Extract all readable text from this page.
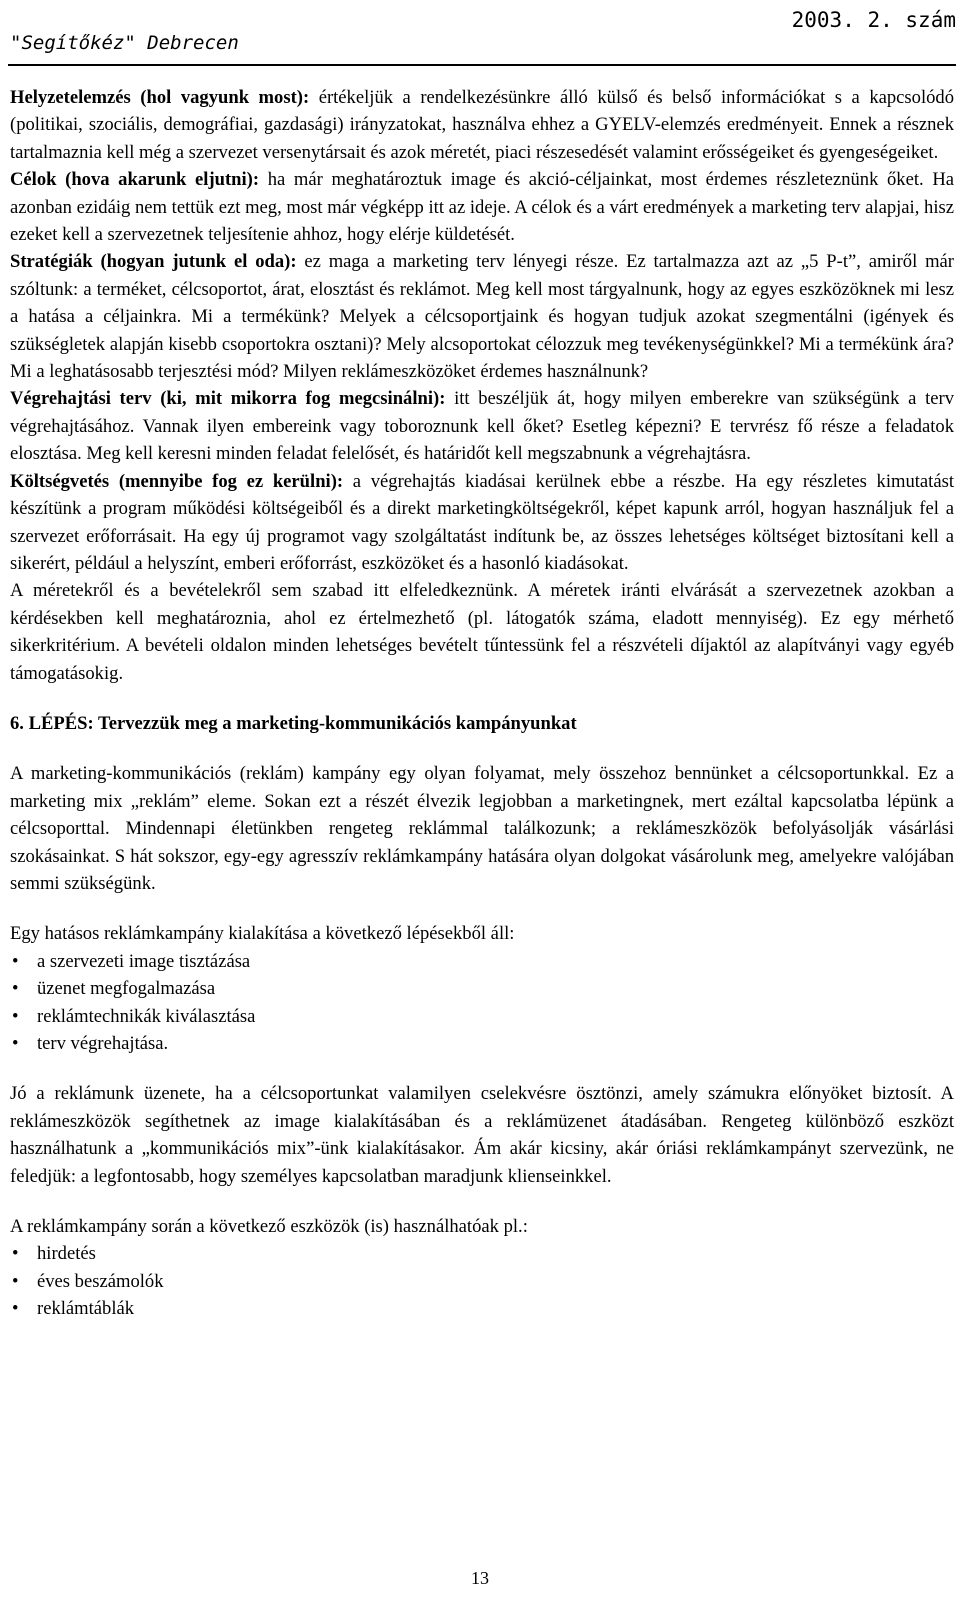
"Segítőkéz" Debrecen
2003. 2. szám

Helyzetelemzés (hol vagyunk most): értékeljük a rendelkezésünkre álló külső és belső információkat s a kapcsolódó (politikai, szociális, demográfiai, gazdasági) irányzatokat, használva ehhez a GYELV-elemzés eredményeit. Ennek a résznek tartalmaznia kell még a szervezet versenytársait és azok méretét, piaci részesedését valamint erősségeiket és gyengeségeiket.

Célok (hova akarunk eljutni): ha már meghatároztuk image és akció-céljainkat, most érdemes részleteznünk őket. Ha azonban ezidáig nem tettük ezt meg, most már végképp itt az ideje. A célok és a várt eredmények a marketing terv alapjai, hisz ezeket kell a szervezetnek teljesítenie ahhoz, hogy elérje küldetését.

Stratégiák (hogyan jutunk el oda): ez maga a marketing terv lényegi része. Ez tartalmazza azt az „5 P-t”, amiről már szóltunk: a terméket, célcsoportot, árat, elosztást és reklámot. Meg kell most tárgyalnunk, hogy az egyes eszközöknek mi lesz a hatása a céljainkra. Mi a termékünk? Melyek a célcsoportjaink és hogyan tudjuk azokat szegmentálni (igények és szükségletek alapján kisebb csoportokra osztani)? Mely alcsoportokat célozzuk meg tevékenységünkkel? Mi a termékünk ára? Mi a leghatásosabb terjesztési mód? Milyen reklámeszközöket érdemes használnunk?

Végrehajtási terv (ki, mit mikorra fog megcsinálni): itt beszéljük át, hogy milyen emberekre van szükségünk a terv végrehajtásához. Vannak ilyen embereink vagy toboroznunk kell őket? Esetleg képezni? E tervrész fő része a feladatok elosztása. Meg kell keresni minden feladat felelősét, és határidőt kell megszabnunk a végrehajtásra.

Költségvetés (mennyibe fog ez kerülni): a végrehajtás kiadásai kerülnek ebbe a részbe. Ha egy részletes kimutatást készítünk a program működési költségeiből és a direkt marketingköltségekről, képet kapunk arról, hogyan használjuk fel a szervezet erőforrásait. Ha egy új programot vagy szolgáltatást indítunk be, az összes lehetséges költséget biztosítani kell a sikerért, például a helyszínt, emberi erőforrást, eszközöket és a hasonló kiadásokat.

A méretekről és a bevételekről sem szabad itt elfeledkeznünk. A méretek iránti elvárását a szervezetnek azokban a kérdésekben kell meghatároznia, ahol ez értelmezhető (pl. látogatók száma, eladott mennyiség). Ez egy mérhető sikerkritérium. A bevételi oldalon minden lehetséges bevételt tűntessünk fel a részvételi díjaktól az alapítványi vagy egyéb támogatásokig.

6. LÉPÉS: Tervezzük meg a marketing-kommunikációs kampányunkat

A marketing-kommunikációs (reklám) kampány egy olyan folyamat, mely összehoz bennünket a célcsoportunkkal. Ez a marketing mix „reklám” eleme. Sokan ezt a részét élvezik legjobban a marketingnek, mert ezáltal kapcsolatba lépünk a célcsoporttal. Mindennapi életünkben rengeteg reklámmal találkozunk; a reklámeszközök befolyásolják vásárlási szokásainkat. S hát sokszor, egy-egy agresszív reklámkampány hatására olyan dolgokat vásárolunk meg, amelyekre valójában semmi szükségünk.

Egy hatásos reklámkampány kialakítása a következő lépésekből áll:

• a szervezeti image tisztázása
• üzenet megfogalmazása
• reklámtechnikák kiválasztása
• terv végrehajtása.

Jó a reklámunk üzenete, ha a célcsoportunkat valamilyen cselekvésre ösztönzi, amely számukra előnyöket biztosít. A reklámeszközök segíthetnek az image kialakításában és a reklámüzenet átadásában. Rengeteg különböző eszközt használhatunk a „kommunikációs mix”-ünk kialakításakor. Ám akár kicsiny, akár óriási reklámkampányt szervezünk, ne feledjük: a legfontosabb, hogy személyes kapcsolatban maradjunk klienseinkkel.

A reklámkampány során a következő eszközök (is) használhatóak pl.:

• hirdetés
• éves beszámolók
• reklámtáblák
13
